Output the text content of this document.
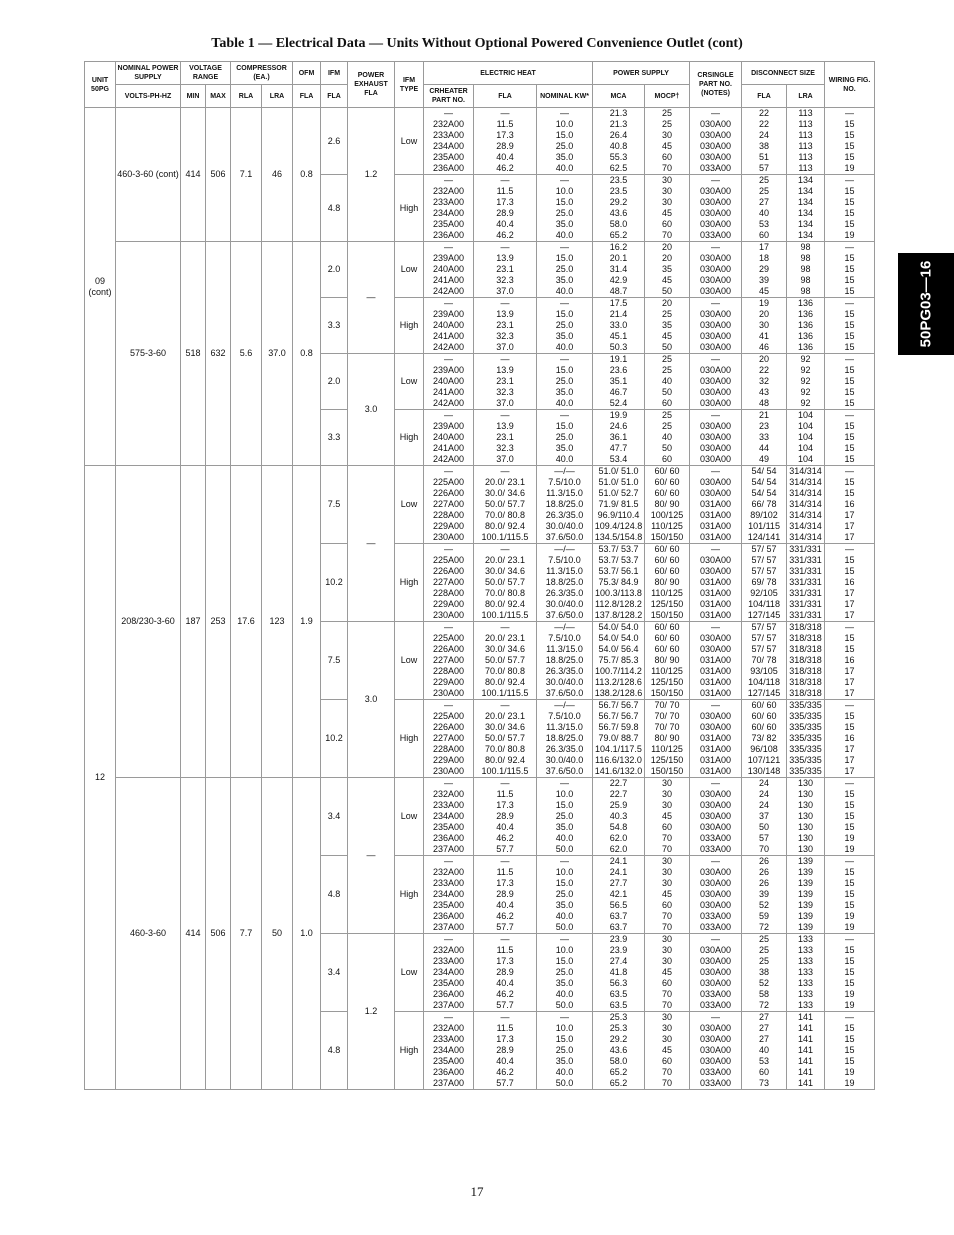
Table 1 — Electrical Data — Units Without Optional Powered Convenience Outlet (cont)
UNIT 50PG	NOMINAL POWER SUPPLY	VOLTAGE RANGE		COMPRESSOR (EA.)		OFM	IFM	POWER EXHAUST FLA	IFM TYPE	ELECTRIC HEAT			POWER SUPPLY		CRSINGLE PART NO. (NOTES)	DISCONNECT SIZE		WIRING FIG. NO.
	VOLTS-PH-HZ	MIN	MAX	RLA	LRA	FLA	FLA			CRHEATER PART NO.	FLA	NOMINAL KW*	MCA	MOCP†		FLA	LRA	
09 (cont)	460-3-60 (cont)	414	506	7.1	46	0.8	2.6	1.2	Low	—	—	—	21.3	25	—	22	113	—
										232A00	11.5	10.0	21.3	25	030A00	22	113	15
										233A00	17.3	15.0	26.4	30	030A00	24	113	15
										234A00	28.9	25.0	40.8	45	030A00	38	113	15
										235A00	40.4	35.0	55.3	60	030A00	51	113	15
										236A00	46.2	40.0	62.5	70	033A00	57	113	19
							4.8		High	—	—	—	23.5	30	—	25	134	—
										232A00	11.5	10.0	23.5	30	030A00	25	134	15
										233A00	17.3	15.0	29.2	30	030A00	27	134	15
										234A00	28.9	25.0	43.6	45	030A00	40	134	15
										235A00	40.4	35.0	58.0	60	030A00	53	134	15
										236A00	46.2	40.0	65.2	70	033A00	60	134	19
	575-3-60	518	632	5.6	37.0	0.8	2.0	—	Low	—	—	—	16.2	20	—	17	98	—
										239A00	13.9	15.0	20.1	20	030A00	18	98	15
										240A00	23.1	25.0	31.4	35	030A00	29	98	15
										241A00	32.3	35.0	42.9	45	030A00	39	98	15
										242A00	37.0	40.0	48.7	50	030A00	45	98	15
							3.3		High	—	—	—	17.5	20	—	19	136	—
										239A00	13.9	15.0	21.4	25	030A00	20	136	15
										240A00	23.1	25.0	33.0	35	030A00	30	136	15
										241A00	32.3	35.0	45.1	45	030A00	41	136	15
										242A00	37.0	40.0	50.3	50	030A00	46	136	15
							2.0	3.0	Low	—	—	—	19.1	25	—	20	92	—
										239A00	13.9	15.0	23.6	25	030A00	22	92	15
										240A00	23.1	25.0	35.1	40	030A00	32	92	15
										241A00	32.3	35.0	46.7	50	030A00	43	92	15
										242A00	37.0	40.0	52.4	60	030A00	48	92	15
							3.3		High	—	—	—	19.9	25	—	21	104	—
										239A00	13.9	15.0	24.6	25	030A00	23	104	15
										240A00	23.1	25.0	36.1	40	030A00	33	104	15
										241A00	32.3	35.0	47.7	50	030A00	44	104	15
										242A00	37.0	40.0	53.4	60	030A00	49	104	15
12	208/230-3-60	187	253	17.6	123	1.9	7.5	—	Low	—	—	—/—	51.0/ 51.0	60/ 60	—	54/ 54	314/314	—
										225A00	20.0/ 23.1	7.5/10.0	51.0/ 51.0	60/ 60	030A00	54/ 54	314/314	15
										226A00	30.0/ 34.6	11.3/15.0	51.0/ 52.7	60/ 60	030A00	54/ 54	314/314	15
										227A00	50.0/ 57.7	18.8/25.0	71.9/ 81.5	80/ 90	031A00	66/ 78	314/314	16
										228A00	70.0/ 80.8	26.3/35.0	96.9/110.4	100/125	031A00	89/102	314/314	17
										229A00	80.0/ 92.4	30.0/40.0	109.4/124.8	110/125	031A00	101/115	314/314	17
										230A00	100.1/115.5	37.6/50.0	134.5/154.8	150/150	031A00	124/141	314/314	17
							10.2		High	—	—	—/—	53.7/ 53.7	60/ 60	—	57/ 57	331/331	—
										225A00	20.0/ 23.1	7.5/10.0	53.7/ 53.7	60/ 60	030A00	57/ 57	331/331	15
										226A00	30.0/ 34.6	11.3/15.0	53.7/ 56.1	60/ 60	030A00	57/ 57	331/331	15
										227A00	50.0/ 57.7	18.8/25.0	75.3/ 84.9	80/ 90	031A00	69/ 78	331/331	16
										228A00	70.0/ 80.8	26.3/35.0	100.3/113.8	110/125	031A00	92/105	331/331	17
										229A00	80.0/ 92.4	30.0/40.0	112.8/128.2	125/150	031A00	104/118	331/331	17
										230A00	100.1/115.5	37.6/50.0	137.8/128.2	150/150	031A00	127/145	331/331	17
							7.5	3.0	Low	—	—	—/—	54.0/ 54.0	60/ 60	—	57/ 57	318/318	—
										225A00	20.0/ 23.1	7.5/10.0	54.0/ 54.0	60/ 60	030A00	57/ 57	318/318	15
										226A00	30.0/ 34.6	11.3/15.0	54.0/ 56.4	60/ 60	030A00	57/ 57	318/318	15
										227A00	50.0/ 57.7	18.8/25.0	75.7/ 85.3	80/ 90	031A00	70/ 78	318/318	16
										228A00	70.0/ 80.8	26.3/35.0	100.7/114.2	110/125	031A00	93/105	318/318	17
										229A00	80.0/ 92.4	30.0/40.0	113.2/128.6	125/150	031A00	104/118	318/318	17
										230A00	100.1/115.5	37.6/50.0	138.2/128.6	150/150	031A00	127/145	318/318	17
							10.2		High	—	—	—/—	56.7/ 56.7	70/ 70	—	60/ 60	335/335	—
										225A00	20.0/ 23.1	7.5/10.0	56.7/ 56.7	70/ 70	030A00	60/ 60	335/335	15
										226A00	30.0/ 34.6	11.3/15.0	56.7/ 59.8	70/ 70	030A00	60/ 60	335/335	15
										227A00	50.0/ 57.7	18.8/25.0	79.0/ 88.7	80/ 90	031A00	73/ 82	335/335	16
										228A00	70.0/ 80.8	26.3/35.0	104.1/117.5	110/125	031A00	96/108	335/335	17
										229A00	80.0/ 92.4	30.0/40.0	116.6/132.0	125/150	031A00	107/121	335/335	17
										230A00	100.1/115.5	37.6/50.0	141.6/132.0	150/150	031A00	130/148	335/335	17
	460-3-60	414	506	7.7	50	1.0	3.4	—	Low	—	—	—	22.7	30	—	24	130	—
										232A00	11.5	10.0	22.7	30	030A00	24	130	15
										233A00	17.3	15.0	25.9	30	030A00	24	130	15
										234A00	28.9	25.0	40.3	45	030A00	37	130	15
										235A00	40.4	35.0	54.8	60	030A00	50	130	15
										236A00	46.2	40.0	62.0	70	033A00	57	130	19
										237A00	57.7	50.0	62.0	70	033A00	70	130	19
							4.8		High	—	—	—	24.1	30	—	26	139	—
										232A00	11.5	10.0	24.1	30	030A00	26	139	15
										233A00	17.3	15.0	27.7	30	030A00	26	139	15
										234A00	28.9	25.0	42.1	45	030A00	39	139	15
										235A00	40.4	35.0	56.5	60	030A00	52	139	15
										236A00	46.2	40.0	63.7	70	033A00	59	139	19
										237A00	57.7	50.0	63.7	70	033A00	72	139	19
							3.4	1.2	Low	—	—	—	23.9	30	—	25	133	—
										232A00	11.5	10.0	23.9	30	030A00	25	133	15
										233A00	17.3	15.0	27.4	30	030A00	25	133	15
										234A00	28.9	25.0	41.8	45	030A00	38	133	15
										235A00	40.4	35.0	56.3	60	030A00	52	133	15
										236A00	46.2	40.0	63.5	70	033A00	58	133	19
										237A00	57.7	50.0	63.5	70	033A00	72	133	19
							4.8		High	—	—	—	25.3	30	—	27	141	—
										232A00	11.5	10.0	25.3	30	030A00	27	141	15
										233A00	17.3	15.0	29.2	30	030A00	27	141	15
										234A00	28.9	25.0	43.6	45	030A00	40	141	15
										235A00	40.4	35.0	58.0	60	030A00	53	141	15
										236A00	46.2	40.0	65.2	70	033A00	60	141	19
										237A00	57.7	50.0	65.2	70	033A00	73	141	19
50PG03—16
17
